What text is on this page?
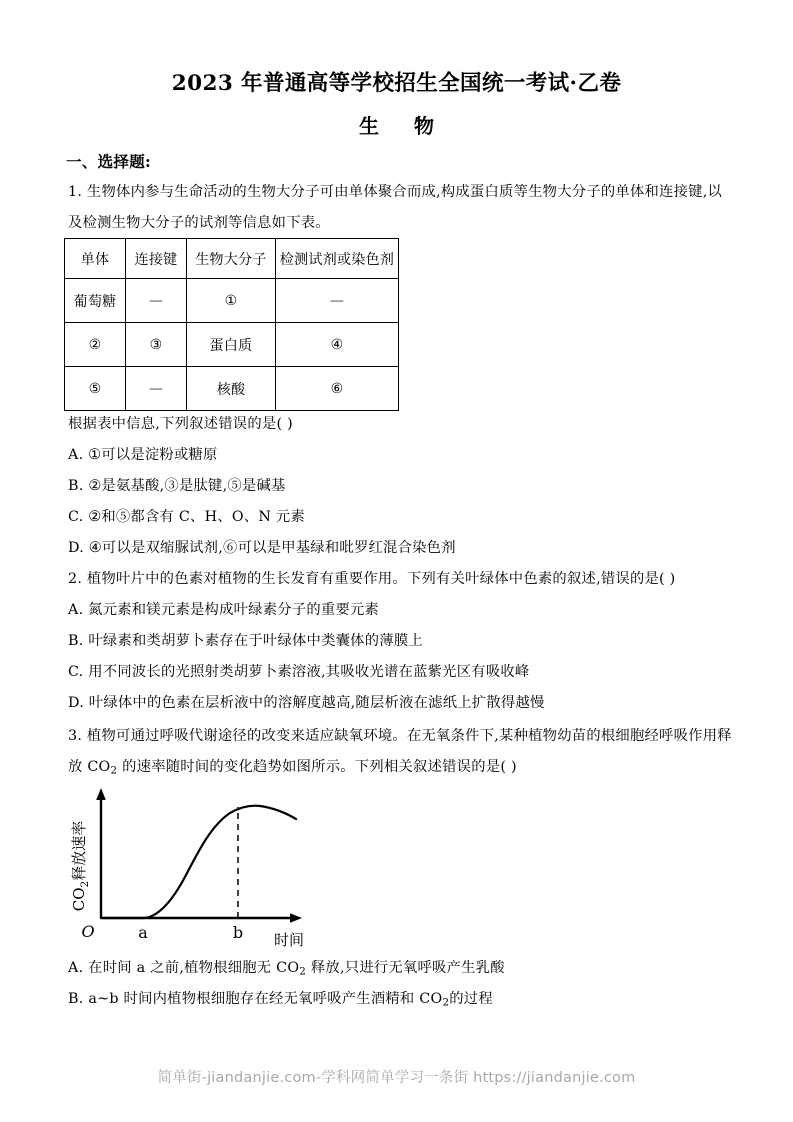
2023 年普通高等学校招生全国统一考试·乙卷
生 物
一、选择题:
1. 生物体内参与生命活动的生物大分子可由单体聚合而成,构成蛋白质等生物大分子的单体和连接键,以
及检测生物大分子的试剂等信息如下表。
单体	连接键	生物大分子	检测试剂或染色剂
葡萄糖	—	①	—
②	③	蛋白质	④
⑤	—	核酸	⑥
根据表中信息,下列叙述错误的是( )
A. ①可以是淀粉或糖原
B. ②是氨基酸,③是肽键,⑤是碱基
C. ②和⑤都含有 C、H、O、N 元素
D. ④可以是双缩脲试剂,⑥可以是甲基绿和吡罗红混合染色剂
2. 植物叶片中的色素对植物的生长发育有重要作用。下列有关叶绿体中色素的叙述,错误的是( )
A. 氮元素和镁元素是构成叶绿素分子的重要元素
B. 叶绿素和类胡萝卜素存在于叶绿体中类囊体的薄膜上
C. 用不同波长的光照射类胡萝卜素溶液,其吸收光谱在蓝紫光区有吸收峰
D. 叶绿体中的色素在层析液中的溶解度越高,随层析液在滤纸上扩散得越慢
3. 植物可通过呼吸代谢途径的改变来适应缺氧环境。在无氧条件下,某种植物幼苗的根细胞经呼吸作用释
放 $CO_2$ 的速率随时间的变化趋势如图所示。下列相关叙述错误的是( )
$CO_2$释放速率
O	a	b 时间
A. 在时间 a 之前,植物根细胞无 $CO_2$ 释放,只进行无氧呼吸产生乳酸
B. a~b 时间内植物根细胞存在经无氧呼吸产生酒精和 $CO_2$的过程
简单街-jiandanjie.com-学科网简单学习一条街 https://jiandanjie.com
